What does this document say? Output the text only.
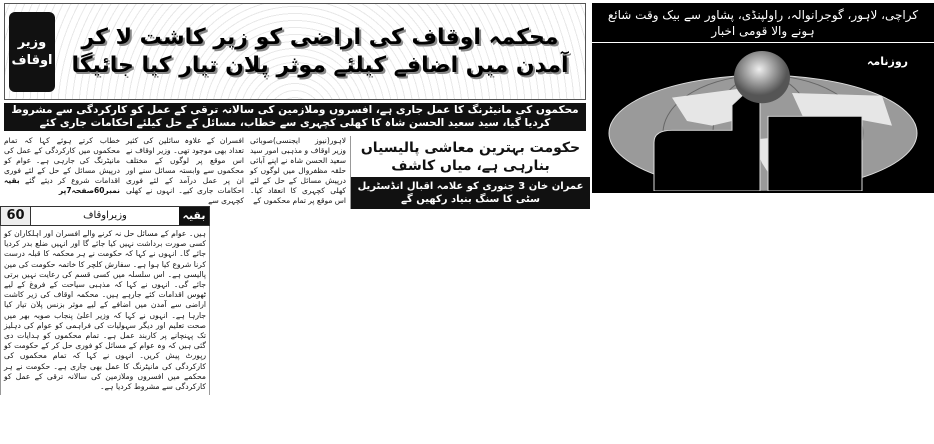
وزیر اوقاف
محکمہ اوقاف کی اراضی کو زیر کاشت لا کر آمدن میں اضافے کیلئے موثر پلان تیار کیا جائیگا
محکموں کی مانیٹرنگ کا عمل جاری ہے، افسروں وملازمین کی سالانہ ترقی کے عمل کو کارکردگی سے مشروط کردیا گیا، سید سعید الحسن شاہ کا کھلی کچہری سے خطاب، مسائل کے حل کیلئے احکامات جاری کئے
لاہور(نیوز ایجنسی)صوبائی وزیر اوقاف و مذہبی امور سید سعید الحسن شاہ نے اپنے آبائی حلقہ مظفروال میں لوگوں کو درپیش مسائل کے حل کے لئے کھلی کچہری کا انعقاد کیا۔ اس موقع پر تمام محکموں کے
افسران کے علاوہ سائلین کی کثیر تعداد بھی موجود تھی۔ وزیر اوقاف نے اس موقع پر لوگوں کے مختلف محکموں سے وابستہ مسائل سنے اور ان پر عمل درآمد کے لئے فوری احکامات جاری کیے۔ انہوں نے کھلی کچہری سے
خطاب کرتے ہوئے کہا کہ تمام محکموں میں کارکردگی کے عمل کی مانیٹرنگ کی جارہی ہے۔ عوام کو درپیش مسائل کے حل کے لئے فوری اقدامات شروع کر دیئے گئے بقیہ نمبر60صفحہ7پر
حکومت بہترین معاشی پالیسیاں بنارہی ہے، میاں کاشف
عمران خان 3 جنوری کو علامہ اقبال انڈسٹریل سٹی کا سنگ بنیاد رکھیں گے
کراچی، لاہور، گوجرانوالہ، راولپنڈی، پشاور سے بیک وقت شائع ہونے والا قومی اخبار
روزنامہ
60	وزیراوقاف	بقیہ
ہیں۔ عوام کے مسائل حل نہ کرنے والے افسران اور اہلکاران کو کسی صورت برداشت نہیں کیا جائے گا اور انہیں ضلع بدر کردیا جائے گا۔ انہوں نے کہا کہ حکومت نے ہر محکمہ کا قبلہ درست کرنا شروع کیا ہوا ہے۔ سفارش کلچر کا خاتمہ حکومت کی مین پالیسی ہے۔ اس سلسلہ میں کسی قسم کی رعایت نہیں برتی جائے گی۔ انہوں نے کہا کہ مذہبی سیاحت کے فروغ کے لیے ٹھوس اقدامات کئے جارہے ہیں۔ محکمہ اوقاف کی زیر کاشت اراضی سے آمدن میں اضافے کے لیے موثر بزنس پلان تیار کیا جارہا ہے۔ انہوں نے کہا کہ وزیر اعلیٰ پنجاب صوبہ بھر میں صحت تعلیم اور دیگر سہولیات کی فراہمی کو عوام کی دہلیز تک پہنچانے پر کاربند عمل ہے۔ تمام محکموں کو ہدایات دی گئی ہیں کہ وہ عوام کے مسائل کو فوری حل کر کے حکومت کو رپورٹ پیش کریں۔ انہوں نے کہا کہ تمام محکموں کی کارکردگی کی مانیٹرنگ کا عمل بھی جاری ہے۔ حکومت نے ہر محکمے میں افسروں وملازمین کی سالانہ ترقی کے عمل کو کارکردگی سے مشروط کردیا ہے۔
